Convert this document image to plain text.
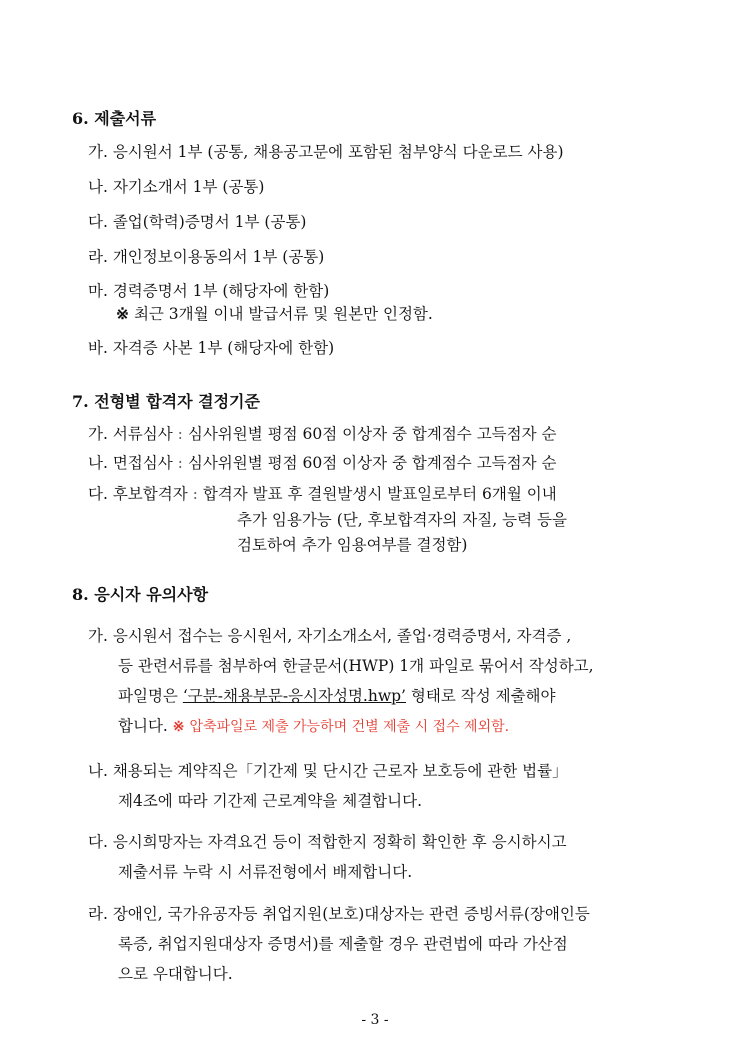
6. 제출서류
가. 응시원서 1부 (공통, 채용공고문에 포함된 첨부양식 다운로드 사용)
나. 자기소개서 1부 (공통)
다. 졸업(학력)증명서 1부 (공통)
라. 개인정보이용동의서 1부 (공통)
마. 경력증명서 1부 (해당자에 한함)
※ 최근 3개월 이내 발급서류 및 원본만 인정함.
바. 자격증 사본 1부 (해당자에 한함)
7. 전형별 합격자 결정기준
가. 서류심사 : 심사위원별 평점 60점 이상자 중 합계점수 고득점자 순
나. 면접심사 : 심사위원별 평점 60점 이상자 중 합계점수 고득점자 순
다. 후보합격자 : 합격자 발표 후 결원발생시 발표일로부터 6개월 이내
추가 임용가능 (단, 후보합격자의 자질, 능력 등을
검토하여 추가 임용여부를 결정함)
8. 응시자 유의사항
가. 응시원서 접수는 응시원서, 자기소개소서, 졸업·경력증명서, 자격증 ,
등 관련서류를 첨부하여 한글문서(HWP) 1개 파일로 묶어서 작성하고,
파일명은 ‘구분-채용부문-응시자성명.hwp’ 형태로 작성 제출해야
합니다. ※ 압축파일로 제출 가능하며 건별 제출 시 접수 제외함.
나. 채용되는 계약직은「기간제 및 단시간 근로자 보호등에 관한 법률」
제4조에 따라 기간제 근로계약을 체결합니다.
다. 응시희망자는 자격요건 등이 적합한지 정확히 확인한 후 응시하시고
제출서류 누락 시 서류전형에서 배제합니다.
라. 장애인, 국가유공자등 취업지원(보호)대상자는 관련 증빙서류(장애인등
록증, 취업지원대상자 증명서)를 제출할 경우 관련법에 따라 가산점
으로 우대합니다.
- 3 -
